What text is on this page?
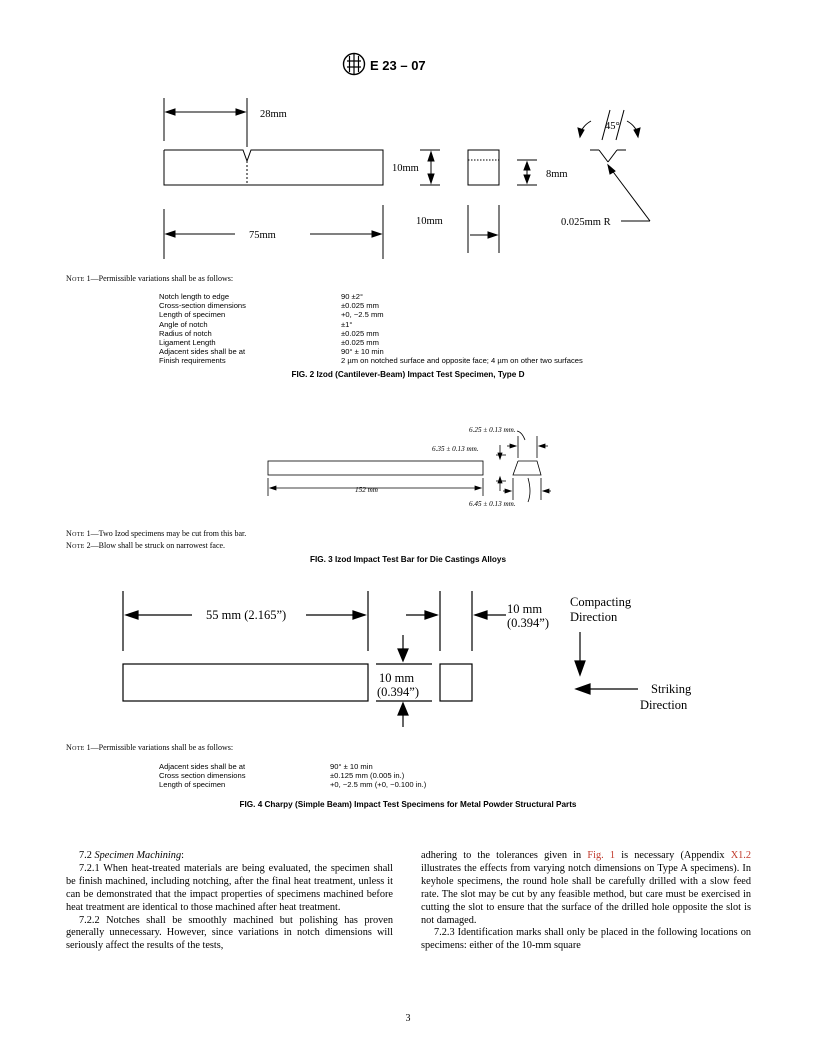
E 23 – 07
28mm
10mm
8mm
75mm
10mm
45°
0.025mm R
Note 1—Permissible variations shall be as follows:
Notch length to edge	90 ±2°
Cross-section dimensions	±0.025 mm
Length of specimen	+0, −2.5 mm
Angle of notch	±1°
Radius of notch	±0.025 mm
Ligament Length	±0.025 mm
Adjacent sides shall be at	90° ± 10 min
Finish requirements	2 µm on notched surface and opposite face; 4 µm on other two surfaces
FIG. 2 Izod (Cantilever-Beam) Impact Test Specimen, Type D
6.25 ± 0.13 mm.
6.35 ± 0.13 mm.
152 mm
6.45 ± 0.13 mm.
Note 1—Two Izod specimens may be cut from this bar.
Note 2—Blow shall be struck on narrowest face.
FIG. 3 Izod Impact Test Bar for Die Castings Alloys
55 mm (2.165”)	10 mm
(0.394”)
10 mm
(0.394”)
Compacting
Direction
Striking
Direction
Note 1—Permissible variations shall be as follows:
Adjacent sides shall be at	90° ± 10 min
Cross section dimensions	±0.125 mm (0.005 in.)
Length of specimen	+0, −2.5 mm (+0, −0.100 in.)
FIG. 4 Charpy (Simple Beam) Impact Test Specimens for Metal Powder Structural Parts

7.2 Specimen Machining:

7.2.1 When heat-treated materials are being evaluated, the specimen shall be finish machined, including notching, after the final heat treatment, unless it can be demonstrated that the impact properties of specimens machined before heat treatment are identical to those machined after heat treatment.

7.2.2 Notches shall be smoothly machined but polishing has proven generally unnecessary. However, since variations in notch dimensions will seriously affect the results of the tests,

adhering to the tolerances given in Fig. 1 is necessary (Appendix X1.2 illustrates the effects from varying notch dimensions on Type A specimens). In keyhole specimens, the round hole shall be carefully drilled with a slow feed rate. The slot may be cut by any feasible method, but care must be exercised in cutting the slot to ensure that the surface of the drilled hole opposite the slot is not damaged.

7.2.3 Identification marks shall only be placed in the following locations on specimens: either of the 10-mm square

3
